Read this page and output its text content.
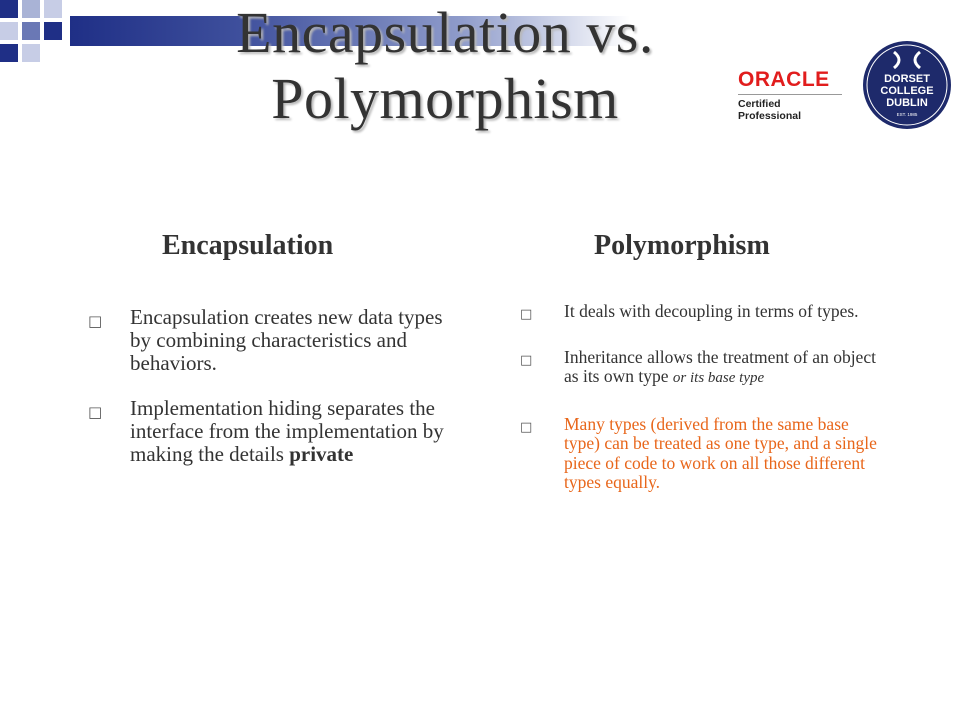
Encapsulation vs.
Polymorphism	ORACLE
Certified Professional
DORSET
COLLEGE
DUBLIN
EST. 1985
Encapsulation	Polymorphism
□ Encapsulation creates new data types by combining characteristics and behaviors.
□ Implementation hiding separates the interface from the implementation by making the details private
□ It deals with decoupling in terms of types.
□ Inheritance allows the treatment of an object as its own type or its base type
□ Many types (derived from the same base type) can be treated as one type, and a single piece of code to work on all those different types equally.
